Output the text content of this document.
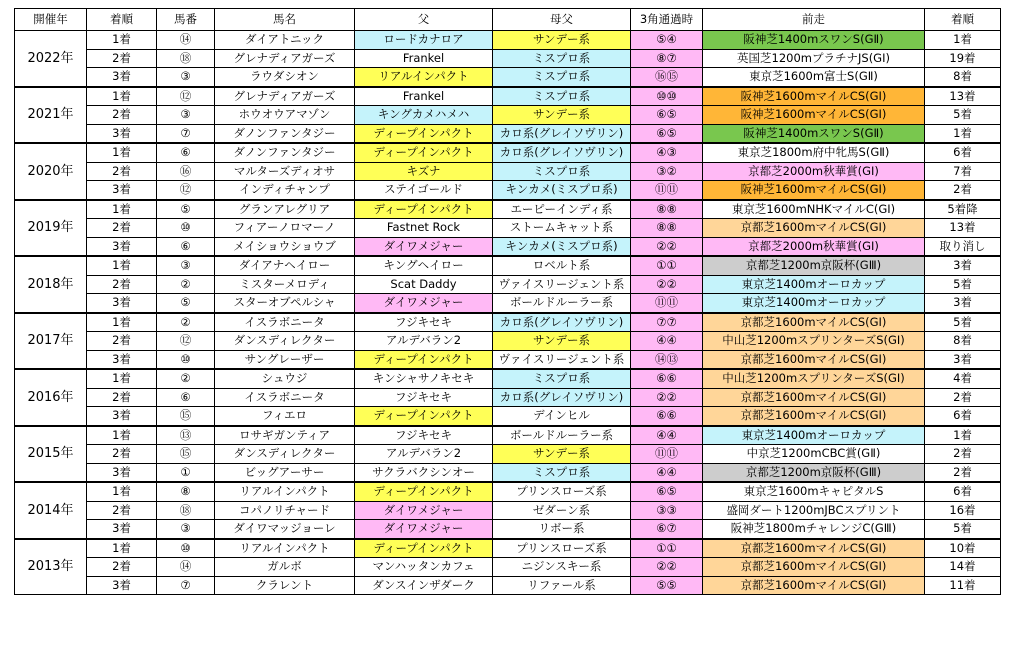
開催年	着順	馬番	馬名	父	母父	3角通過時	前走	着順
2022年	1着	⑭	ダイアトニック	ロードカナロア	サンデー系	⑤④	阪神芝1400mスワンS(GⅡ)	1着
	2着	⑱	グレナディアガーズ	Frankel	ミスプロ系	⑧⑦	英国芝1200mプラチナJS(GⅠ)	19着
	3着	③	ラウダシオン	リアルインパクト	ミスプロ系	⑯⑮	東京芝1600m富士S(GⅡ)	8着
2021年	1着	⑫	グレナディアガーズ	Frankel	ミスプロ系	⑩⑩	阪神芝1600mマイルCS(GⅠ)	13着
	2着	③	ホウオウアマゾン	キングカメハメハ	サンデー系	⑥⑤	阪神芝1600mマイルCS(GⅠ)	5着
	3着	⑦	ダノンファンタジー	ディープインパクト	カロ系(グレイソヴリン)	⑥⑤	阪神芝1400mスワンS(GⅡ)	1着
2020年	1着	⑥	ダノンファンタジー	ディープインパクト	カロ系(グレイソヴリン)	④③	東京芝1800m府中牝馬S(GⅡ)	6着
	2着	⑯	マルターズディオサ	キズナ	ミスプロ系	③②	京都芝2000m秋華賞(GⅠ)	7着
	3着	⑫	インディチャンプ	ステイゴールド	キンカメ(ミスプロ系)	⑪⑪	阪神芝1600mマイルCS(GⅠ)	2着
2019年	1着	⑤	グランアレグリア	ディープインパクト	エーピーインディ系	⑧⑧	東京芝1600mNHKマイルC(GⅠ)	5着降
	2着	⑩	フィアーノロマーノ	Fastnet Rock	ストームキャット系	⑧⑧	京都芝1600mマイルCS(GⅠ)	13着
	3着	⑥	メイショウショウブ	ダイワメジャー	キンカメ(ミスプロ系)	②②	京都芝2000m秋華賞(GⅠ)	取り消し
2018年	1着	③	ダイアナヘイロー	キングヘイロー	ロベルト系	①①	京都芝1200m京阪杯(GⅢ)	3着
	2着	②	ミスターメロディ	Scat Daddy	ヴァイスリージェント系	②②	東京芝1400mオーロカップ	5着
	3着	⑤	スターオブペルシャ	ダイワメジャー	ボールドルーラー系	⑪⑪	東京芝1400mオーロカップ	3着
2017年	1着	②	イスラボニータ	フジキセキ	カロ系(グレイソヴリン)	⑦⑦	京都芝1600mマイルCS(GⅠ)	5着
	2着	⑫	ダンスディレクター	アルデバラン2	サンデー系	④④	中山芝1200mスプリンターズS(GⅠ)	8着
	3着	⑩	サングレーザー	ディープインパクト	ヴァイスリージェント系	⑭⑬	京都芝1600mマイルCS(GⅠ)	3着
2016年	1着	②	シュウジ	キンシャサノキセキ	ミスプロ系	⑥⑥	中山芝1200mスプリンターズS(GⅠ)	4着
	2着	⑥	イスラボニータ	フジキセキ	カロ系(グレイソヴリン)	②②	京都芝1600mマイルCS(GⅠ)	2着
	3着	⑮	フィエロ	ディープインパクト	デインヒル	⑥⑥	京都芝1600mマイルCS(GⅠ)	6着
2015年	1着	⑬	ロサギガンティア	フジキセキ	ボールドルーラー系	④④	東京芝1400mオーロカップ	1着
	2着	⑮	ダンスディレクター	アルデバラン2	サンデー系	⑪⑪	中京芝1200mCBC賞(GⅡ)	2着
	3着	①	ビッグアーサー	サクラバクシンオー	ミスプロ系	④④	京都芝1200m京阪杯(GⅢ)	2着
2014年	1着	⑧	リアルインパクト	ディープインパクト	プリンスローズ系	⑥⑤	東京芝1600mキャピタルS	6着
	2着	⑱	コパノリチャード	ダイワメジャー	ゼダーン系	③③	盛岡ダート1200mJBCスプリント	16着
	3着	③	ダイワマッジョーレ	ダイワメジャー	リボー系	⑥⑦	阪神芝1800mチャレンジC(GⅢ)	5着
2013年	1着	⑩	リアルインパクト	ディープインパクト	プリンスローズ系	①①	京都芝1600mマイルCS(GⅠ)	10着
	2着	⑭	ガルボ	マンハッタンカフェ	ニジンスキー系	②②	京都芝1600mマイルCS(GⅠ)	14着
	3着	⑦	クラレント	ダンスインザダーク	リファール系	⑤⑤	京都芝1600mマイルCS(GⅠ)	11着
